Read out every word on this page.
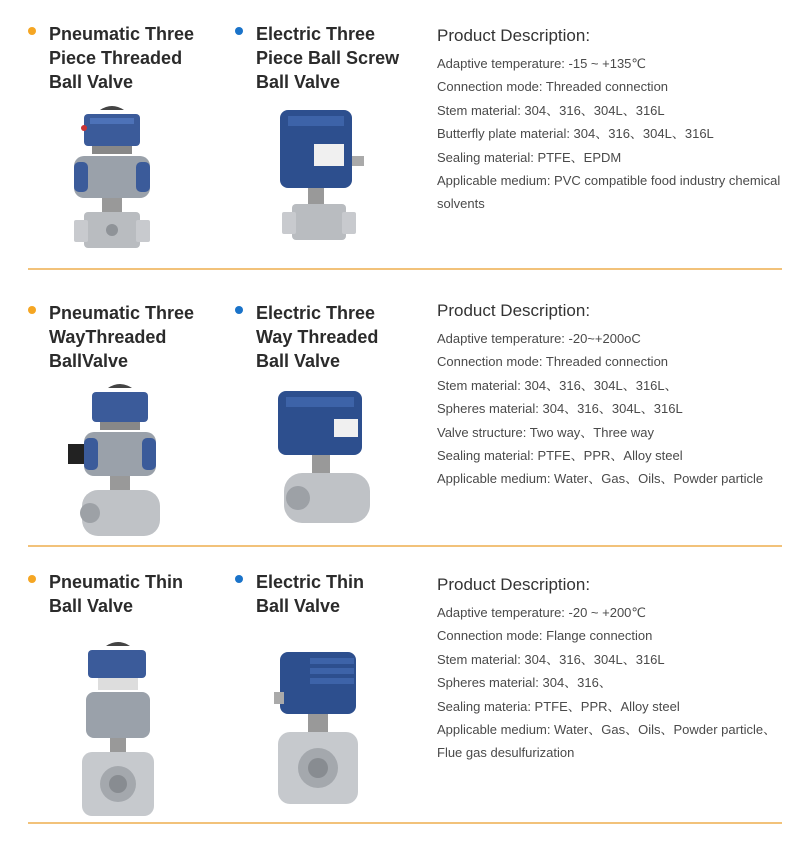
Pneumatic Three
Piece Threaded
Ball Valve
Electric Three
Piece Ball Screw
Ball Valve
Product Description:
Adaptive temperature: -15 ~ +135℃
Connection mode: Threaded connection
Stem material: 304、316、304L、316L
Butterfly plate material: 304、316、304L、316L
Sealing material: PTFE、EPDM
Applicable medium: PVC compatible food industry chemical solvents
Pneumatic Three
WayThreaded
BallValve
Electric Three
Way Threaded
Ball Valve
Product Description:
Adaptive temperature: -20~+200oC
Connection mode: Threaded connection
Stem material: 304、316、304L、316L、
Spheres material: 304、316、304L、316L
Valve structure: Two way、Three way
Sealing material: PTFE、PPR、Alloy steel
Applicable medium: Water、Gas、Oils、Powder particle
Pneumatic Thin
Ball Valve
Electric Thin
Ball Valve
Product Description:
Adaptive temperature: -20 ~ +200℃
Connection mode: Flange connection
Stem material: 304、316、304L、316L
Spheres material: 304、316、
Sealing materia: PTFE、PPR、Alloy steel
Applicable medium: Water、Gas、Oils、Powder particle、
Flue gas desulfurization
